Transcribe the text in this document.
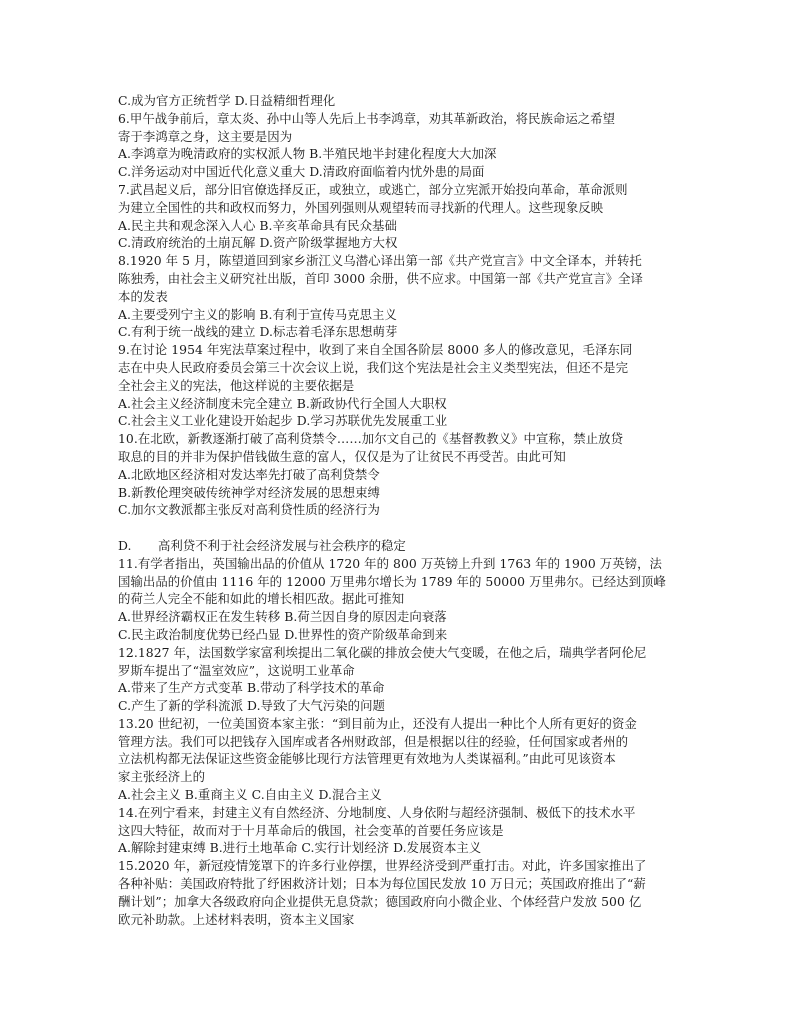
C.成为官方正统哲学 D.日益精细哲理化
6.甲午战争前后，章太炎、孙中山等人先后上书李鸿章，劝其革新政治，将民族命运之希望
寄于李鸿章之身，这主要是因为
A.李鸿章为晚清政府的实权派人物 B.半殖民地半封建化程度大大加深
C.洋务运动对中国近代化意义重大 D.清政府面临着内忧外患的局面
7.武昌起义后，部分旧官僚选择反正，或独立，或逃亡，部分立宪派开始投向革命，革命派则
为建立全国性的共和政权而努力，外国列强则从观望转而寻找新的代理人。这些现象反映
A.民主共和观念深入人心 B.辛亥革命具有民众基础
C.清政府统治的土崩瓦解 D.资产阶级掌握地方大权
8.1920 年 5 月，陈望道回到家乡浙江义乌潜心译出第一部《共产党宣言》中文全译本，并转托
陈独秀，由社会主义研究社出版，首印 3000 余册，供不应求。中国第一部《共产党宣言》全译
本的发表
A.主要受列宁主义的影响 B.有利于宣传马克思主义
C.有利于统一战线的建立 D.标志着毛泽东思想萌芽
9.在讨论 1954 年宪法草案过程中，收到了来自全国各阶层 8000 多人的修改意见，毛泽东同
志在中央人民政府委员会第三十次会议上说，我们这个宪法是社会主义类型宪法，但还不是完
全社会主义的宪法，他这样说的主要依据是
A.社会主义经济制度未完全建立 B.新政协代行全国人大职权
C.社会主义工业化建设开始起步 D.学习苏联优先发展重工业
10.在北欧，新教逐渐打破了高利贷禁令……加尔文自己的《基督教教义》中宣称，禁止放贷
取息的目的并非为保护借钱做生意的富人，仅仅是为了让贫民不再受苦。由此可知
A.北欧地区经济相对发达率先打破了高利贷禁令
B.新教伦理突破传统神学对经济发展的思想束缚
C.加尔文教派都主张反对高利贷性质的经济行为
D. 高利贷不利于社会经济发展与社会秩序的稳定
11.有学者指出，英国输出品的价值从 1720 年的 800 万英镑上升到 1763 年的 1900 万英镑，法
国输出品的价值由 1116 年的 12000 万里弗尔增长为 1789 年的 50000 万里弗尔。已经达到顶峰
的荷兰人完全不能和如此的增长相匹敌。据此可推知
A.世界经济霸权正在发生转移 B.荷兰因自身的原因走向衰落
C.民主政治制度优势已经凸显 D.世界性的资产阶级革命到来
12.1827 年，法国数学家富利埃提出二氧化碳的排放会使大气变暖，在他之后，瑞典学者阿伦尼
罗斯车提出了“温室效应”，这说明工业革命
A.带来了生产方式变革 B.带动了科学技术的革命
C.产生了新的学科流派 D.导致了大气污染的问题
13.20 世纪初，一位美国资本家主张：“到目前为止，还没有人提出一种比个人所有更好的资金
管理方法。我们可以把钱存入国库或者各州财政部，但是根据以往的经验，任何国家或者州的
立法机构都无法保证这些资金能够比现行方法管理更有效地为人类谋福利。”由此可见该资本
家主张经济上的
A.社会主义 B.重商主义 C.自由主义 D.混合主义
14.在列宁看来，封建主义有自然经济、分地制度、人身依附与超经济强制、极低下的技术水平
这四大特征，故而对于十月革命后的俄国，社会变革的首要任务应该是
A.解除封建束缚 B.进行土地革命 C.实行计划经济 D.发展资本主义
15.2020 年，新冠疫情笼罩下的许多行业停摆，世界经济受到严重打击。对此，许多国家推出了
各种补贴：美国政府特批了纾困救济计划；日本为每位国民发放 10 万日元；英国政府推出了“薪
酬计划”；加拿大各级政府向企业提供无息贷款；德国政府向小微企业、个体经营户发放 500 亿
欧元补助款。上述材料表明，资本主义国家
